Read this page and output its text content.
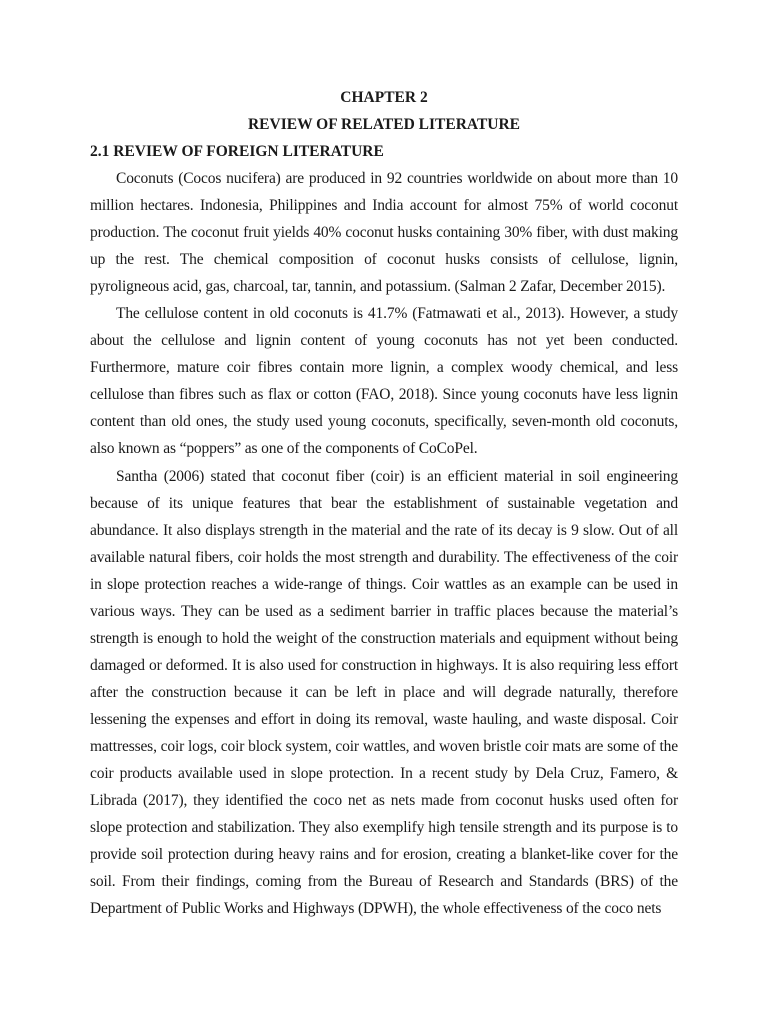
CHAPTER 2
REVIEW OF RELATED LITERATURE
2.1 REVIEW OF FOREIGN LITERATURE

Coconuts (Cocos nucifera) are produced in 92 countries worldwide on about more than 10 million hectares. Indonesia, Philippines and India account for almost 75% of world coconut production. The coconut fruit yields 40% coconut husks containing 30% fiber, with dust making up the rest. The chemical composition of coconut husks consists of cellulose, lignin, pyroligneous acid, gas, charcoal, tar, tannin, and potassium. (Salman 2 Zafar, December 2015).

The cellulose content in old coconuts is 41.7% (Fatmawati et al., 2013). However, a study about the cellulose and lignin content of young coconuts has not yet been conducted. Furthermore, mature coir fibres contain more lignin, a complex woody chemical, and less cellulose than fibres such as flax or cotton (FAO, 2018). Since young coconuts have less lignin content than old ones, the study used young coconuts, specifically, seven-month old coconuts, also known as “poppers” as one of the components of CoCoPel.

Santha (2006) stated that coconut fiber (coir) is an efficient material in soil engineering because of its unique features that bear the establishment of sustainable vegetation and abundance. It also displays strength in the material and the rate of its decay is 9 slow. Out of all available natural fibers, coir holds the most strength and durability. The effectiveness of the coir in slope protection reaches a wide-range of things. Coir wattles as an example can be used in various ways. They can be used as a sediment barrier in traffic places because the material’s strength is enough to hold the weight of the construction materials and equipment without being damaged or deformed. It is also used for construction in highways. It is also requiring less effort after the construction because it can be left in place and will degrade naturally, therefore lessening the expenses and effort in doing its removal, waste hauling, and waste disposal. Coir mattresses, coir logs, coir block system, coir wattles, and woven bristle coir mats are some of the coir products available used in slope protection. In a recent study by Dela Cruz, Famero, & Librada (2017), they identified the coco net as nets made from coconut husks used often for slope protection and stabilization. They also exemplify high tensile strength and its purpose is to provide soil protection during heavy rains and for erosion, creating a blanket-like cover for the soil. From their findings, coming from the Bureau of Research and Standards (BRS) of the Department of Public Works and Highways (DPWH), the whole effectiveness of the coco nets
